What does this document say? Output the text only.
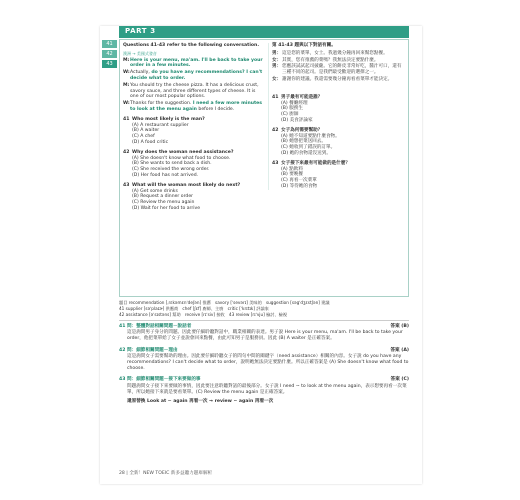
PART 3
41
42
43
Questions 41-43 refer to the following conversation.
澳洲 → 美國式發音
M: Here is your menu, ma'am. I'll be back to take your order in a few minutes.
W: Actually, do you have any recommendations? I can't decide what to order.
M: You should try the cheese pizza. It has a delicious crust, savory sauce, and three different types of cheese. It is one of our most popular options.
W: Thanks for the suggestion. I need a few more minutes to look at the menu again before I decide.
41 Who most likely is the man?
(A) A restaurant supplier
(B) A waiter
(C) A chef
(D) A food critic
42 Why does the woman need assistance?
(A) She doesn't know what food to choose.
(B) She wants to send back a dish.
(C) She received the wrong order.
(D) Her food has not arrived.
43 What will the woman most likely do next?
(A) Get some drinks
(B) Request a dinner order
(C) Review the menu again
(D) Wait for her food to arrive
第 41-43 題與以下對話有關。
男： 這是您的菜單，女士。我過幾分鐘再回來幫您點餐。
女： 其實，您有推薦的菜嗎？我無法決定要點什麼。
男： 您應該試試起司披薩。它的餅皮非常好吃，醬汁可口，還有三種不同的起司。是我們最受歡迎的選擇之一。
女： 謝謝你的建議。我還需要幾分鐘再看看菜單才能決定。
41 男子最有可能是誰？
(A) 餐廳經理
(B) 服務生
(C) 廚師
(D) 美食評論家
42 女子為何需要幫助？
(A) 她不知道要點什麼食物。
(B) 她想把菜送回去。
(C) 她收到了錯誤的訂單。
(D) 她的食物還沒送到。
43 女子接下來最有可能做的是什麼？
(A) 點飲料
(B) 要晚餐
(C) 再看一次菜單
(D) 等待她的食物
題目 recommendation [ˌrɛkəmɛnˈdeʃən] 推薦　savory [ˈsevərɪ] 美味的　suggestion [səgˈdʒɛstʃən] 建議
41 supplier [səˈplaɪɚ] 供應商　chef [ʃɛf] 廚師、主廚　critic [ˈkrɪtɪk] 評論家
42 assistance [əˈsɪstəns] 幫助　receive [rɪˈsiv] 接收　43 review [rɪˈvju] 檢討、檢視
41 問：整體對話相關問題－說話者	答案 (B)
這是詢問男子身分的問題。因此要仔細聆聽對話中，職業相關的表達。男子說 Here is your menu, ma'am. I'll be back to take your order，他把菜單給了女子並說會回來點餐，由此可知男子是服務員。因此 (B) A waiter 是正確答案。
42 問：細節相關問題－理由	答案 (A)
這是詢問女子需要幫助的理由。因此要仔細聆聽女子的問句中間的關鍵字（need assistance）相關的內容。女子說 do you have any recommendations? I can't decide what to order，說明她無法決定要點什麼。所以正確答案是 (A) She doesn't know what food to choose.
43 問：細節相關問題－接下來要做的事	答案 (C)
問題詢問女子接下來要做的事情，因此要注意聆聽對話的最後部分。女子說 I need ~ to look at the menu again，表示想要再看一次菜單，所以她接下來就是要看菜單。(C) Review the menu again 是正確答案。
還原替換 Look at ~ again 再看一次 → review ~ again 再看一次
28 | 全新！NEW TOEIC 新多益聽力題庫解析
